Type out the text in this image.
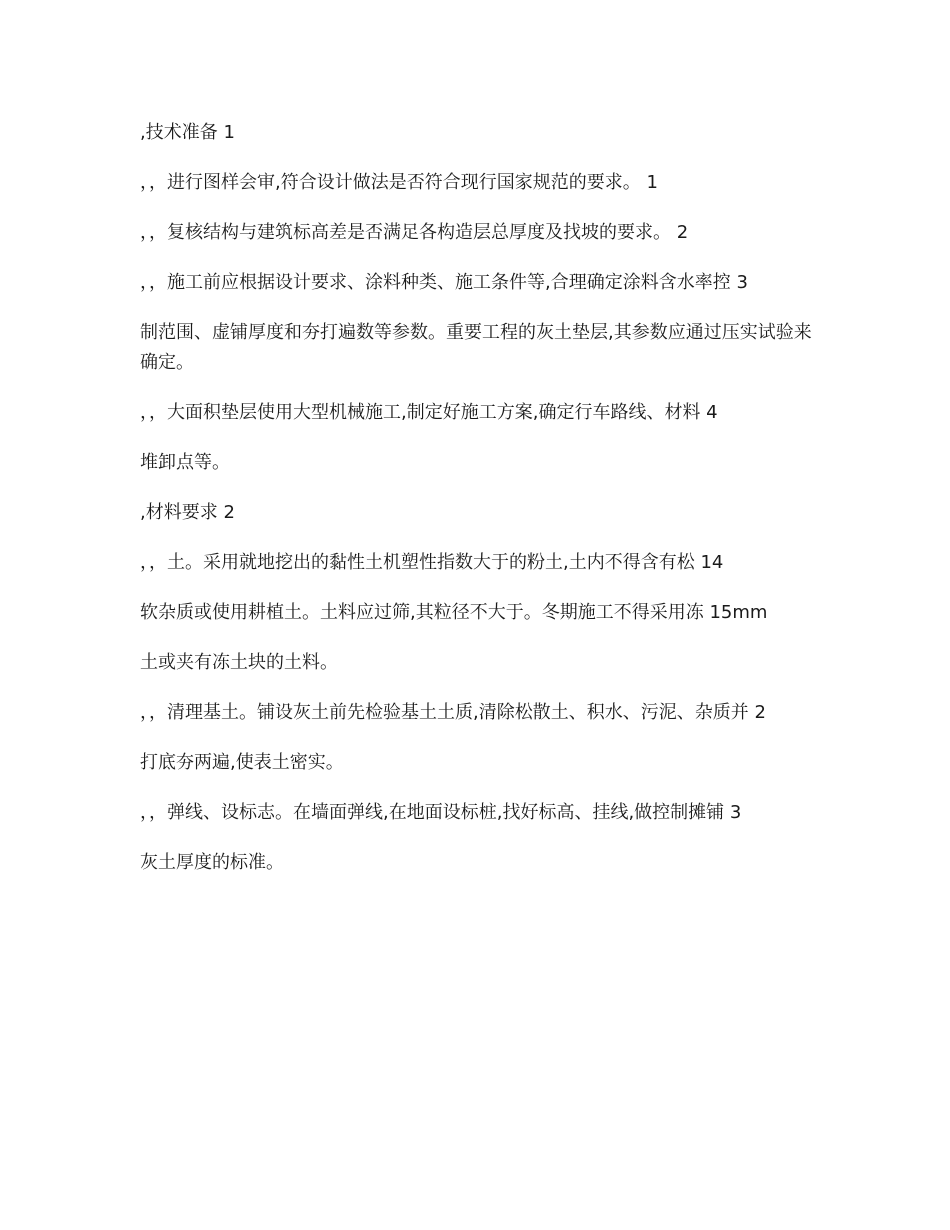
,技术准备 1

，，进行图样会审,符合设计做法是否符合现行国家规范的要求。 1

，，复核结构与建筑标高差是否满足各构造层总厚度及找坡的要求。 2

，，施工前应根据设计要求、涂料种类、施工条件等,合理确定涂料含水率控 3

制范围、虚铺厚度和夯打遍数等参数。重要工程的灰土垫层,其参数应通过压实试验来确定。

，，大面积垫层使用大型机械施工,制定好施工方案,确定行车路线、材料 4

堆卸点等。

,材料要求 2

，，土。采用就地挖出的黏性土机塑性指数大于的粉土,土内不得含有松 14

软杂质或使用耕植土。土料应过筛,其粒径不大于。冬期施工不得采用冻 15mm

土或夹有冻土块的土料。

，，清理基土。铺设灰土前先检验基土土质,清除松散土、积水、污泥、杂质并 2

打底夯两遍,使表土密实。

，，弹线、设标志。在墙面弹线,在地面设标桩,找好标高、挂线,做控制摊铺 3

灰土厚度的标准。
